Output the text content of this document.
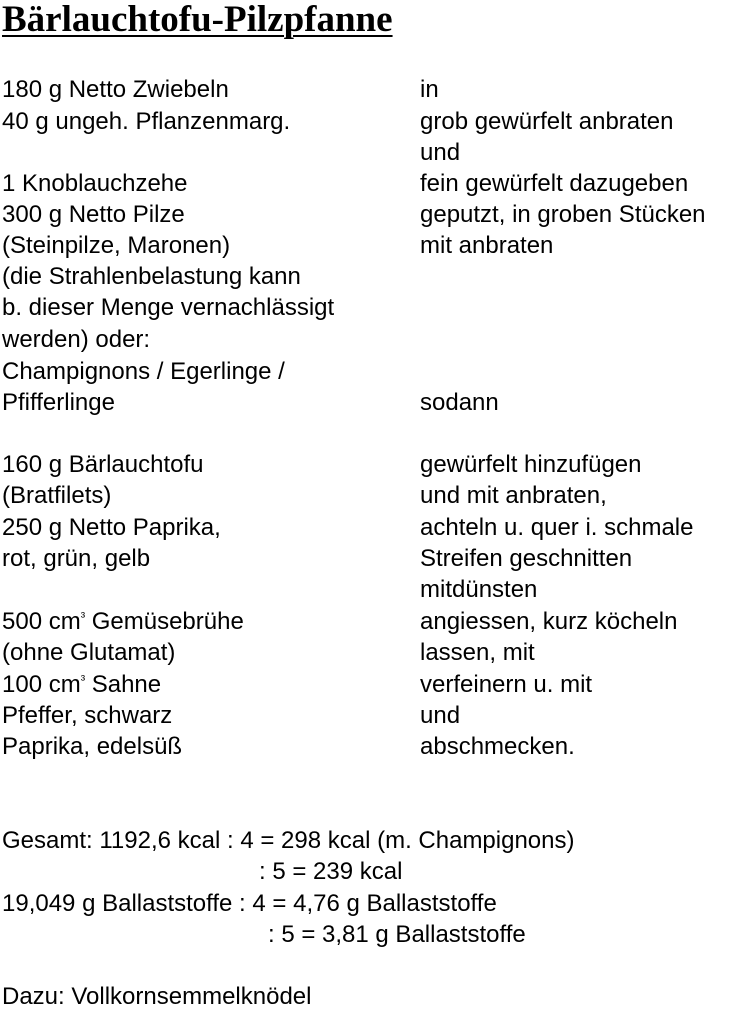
Bärlauchtofu-Pilzpfanne
180 g Netto Zwiebeln
40 g ungeh. Pflanzenmarg.
1 Knoblauchzehe
300 g Netto Pilze
(Steinpilze, Maronen)
(die Strahlenbelastung kann
b. dieser Menge vernachlässigt
werden) oder:
Champignons / Egerlinge /
Pfifferlinge
160 g Bärlauchtofu
(Bratfilets)
250 g Netto Paprika,
rot, grün, gelb
500 $cm^{^3}$ Gemüsebrühe
(ohne Glutamat)
100 $cm^{^3}$ Sahne
Pfeffer, schwarz
Paprika, edelsüß
in
grob gewürfelt anbraten
und
fein gewürfelt dazugeben
geputzt, in groben Stücken
mit anbraten
sodann
gewürfelt hinzufügen
und mit anbraten,
achteln u. quer i. schmale
Streifen geschnitten
mitdünsten
angiessen, kurz köcheln
lassen, mit
verfeinern u. mit
und
abschmecken.
Gesamt: 1192,6 kcal : 4 = 298 kcal (m. Champignons)
: 5 = 239 kcal
19,049 g Ballaststoffe : 4 = 4,76 g Ballaststoffe
: 5 = 3,81 g Ballaststoffe
Dazu: Vollkornsemmelknödel
